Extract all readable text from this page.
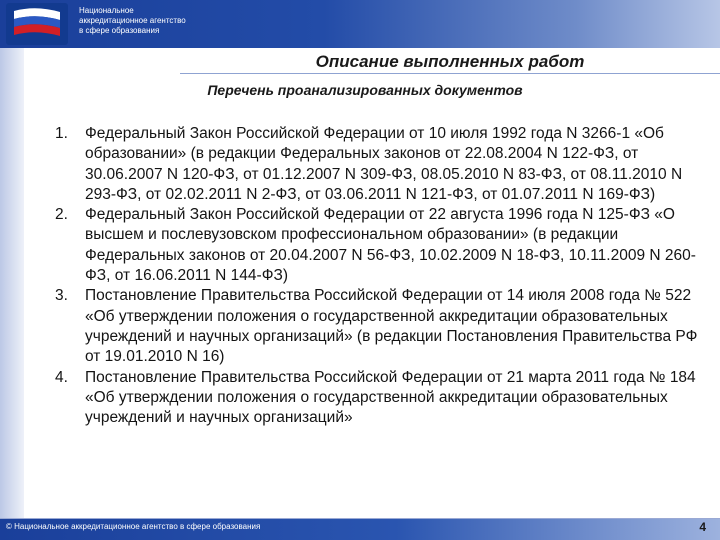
Национальное
аккредитационное агентство
в сфере образования

Описание выполненных работ
Перечень проанализированных документов
1. Федеральный Закон Российской Федерации от 10 июля 1992 года N 3266-1 «Об образовании» (в редакции Федеральных законов от 22.08.2004 N 122-ФЗ, от 30.06.2007 N 120-ФЗ, от 01.12.2007 N 309-ФЗ, 08.05.2010 N 83-ФЗ, от 08.11.2010 N 293-ФЗ, от 02.02.2011 N 2-ФЗ, от 03.06.2011 N 121-ФЗ, от 01.07.2011 N 169-ФЗ)
2. Федеральный Закон Российской Федерации от 22 августа 1996 года N 125-ФЗ «О высшем и послевузовском профессиональном образовании» (в редакции Федеральных законов от 20.04.2007 N 56-ФЗ, 10.02.2009 N 18-ФЗ, 10.11.2009 N 260-ФЗ, от 16.06.2011 N 144-ФЗ)
3. Постановление Правительства Российской Федерации от 14 июля 2008 года № 522 «Об утверждении положения о государственной аккредитации образовательных учреждений и научных организаций» (в редакции Постановления Правительства РФ от 19.01.2010 N 16)
4. Постановление Правительства Российской Федерации от 21 марта 2011 года № 184 «Об утверждении положения о государственной аккредитации образовательных учреждений и научных организаций»
© Национальное аккредитационное агентство в сфере образования	4
